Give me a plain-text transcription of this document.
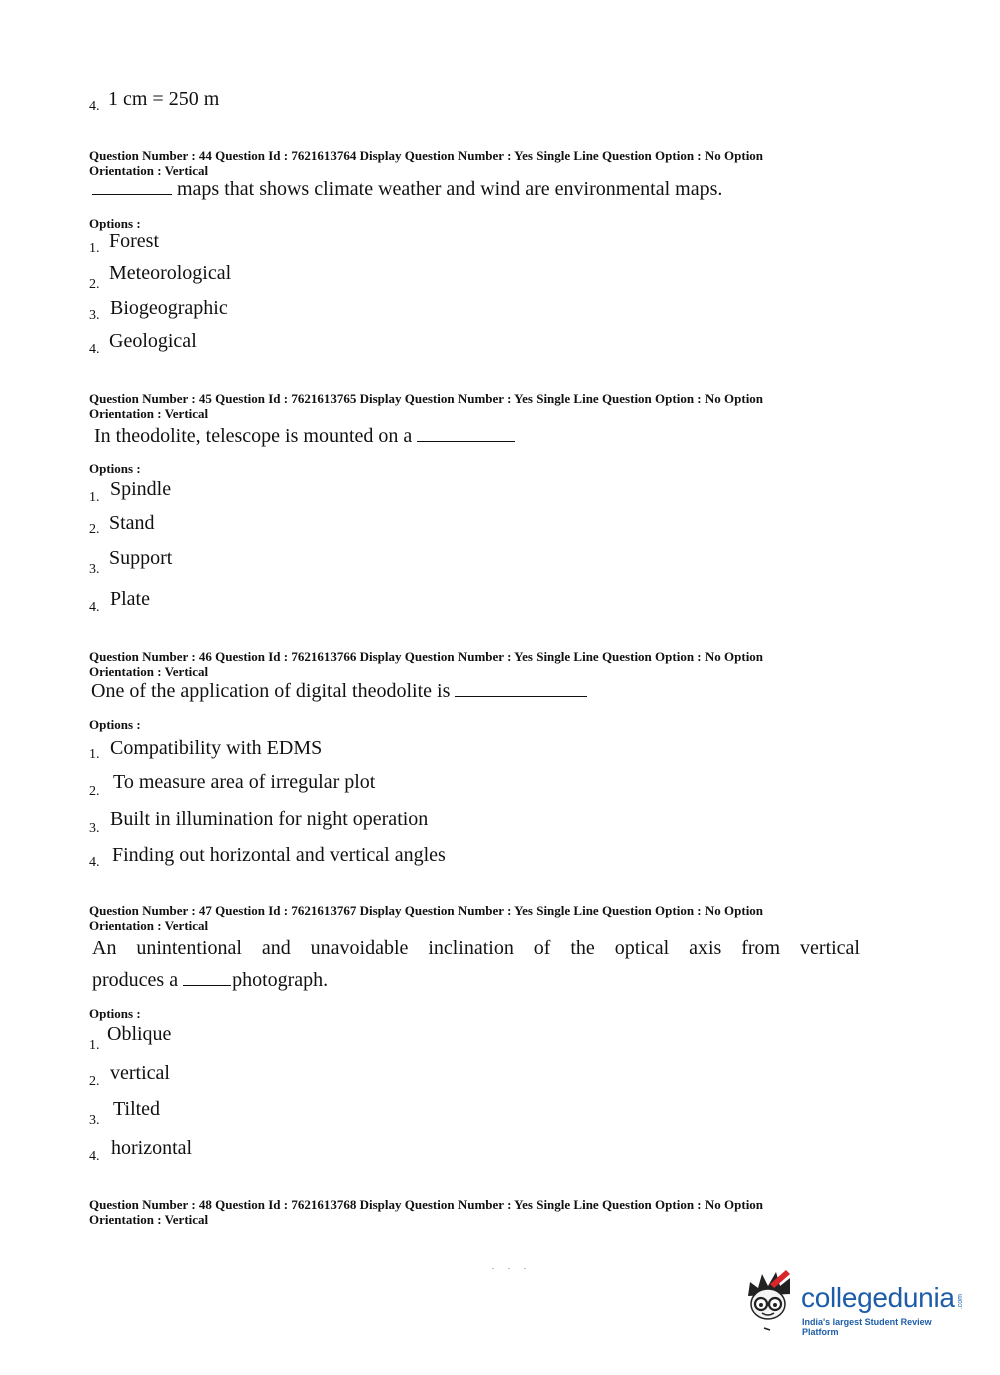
4. 1 cm = 250 m
Question Number : 44 Question Id : 7621613764 Display Question Number : Yes Single Line Question Option : No Option
Orientation : Vertical
maps that shows climate weather and wind are environmental maps.
Options :
1. Forest
2.
Meteorological
3. Biogeographic
4. Geological
Question Number : 45 Question Id : 7621613765 Display Question Number : Yes Single Line Question Option : No Option
Orientation : Vertical
In theodolite, telescope is mounted on a
Options :
1. Spindle
2. Stand
3.
Support
4. Plate
Question Number : 46 Question Id : 7621613766 Display Question Number : Yes Single Line Question Option : No Option
Orientation : Vertical
One of the application of digital theodolite is
Options :
1. Compatibility with EDMS
2. To measure area of irregular plot
3. Built in illumination for night operation
4. Finding out horizontal and vertical angles
Question Number : 47 Question Id : 7621613767 Display Question Number : Yes Single Line Question Option : No Option
Orientation : Vertical
An unintentional and unavoidable inclination of the optical axis from vertical
produces a	photograph.
Options :
1.
Oblique
2. vertical
3.
Tilted
4. horizontal
Question Number : 48 Question Id : 7621613768 Display Question Number : Yes Single Line Question Option : No Option
Orientation : Vertical
. . .
collegedunia .com
India's largest Student Review Platform
